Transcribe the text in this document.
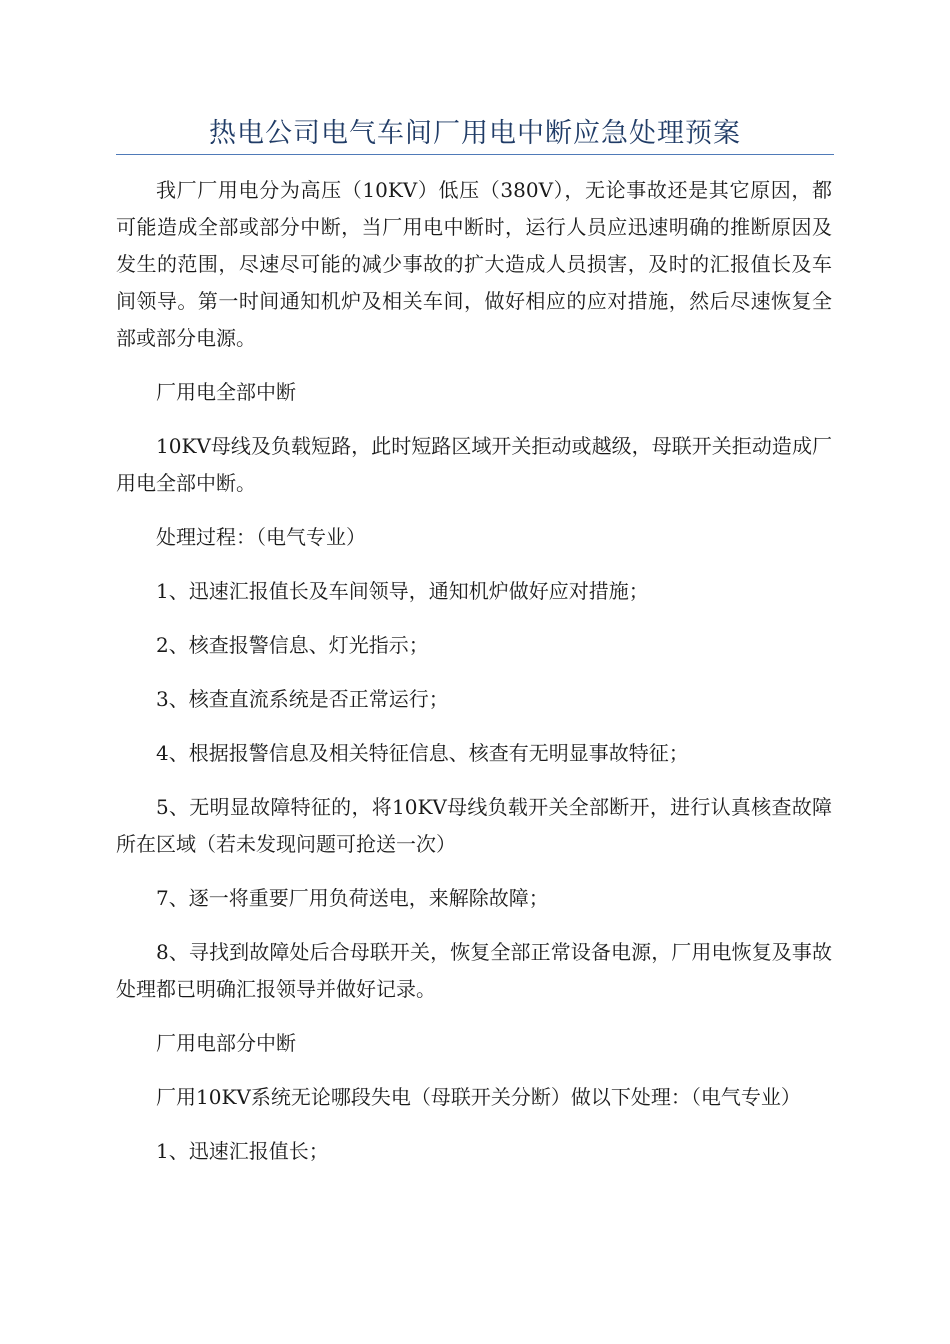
热电公司电气车间厂用电中断应急处理预案

我厂厂用电分为高压（10KV）低压（380V），无论事故还是其它原因，都可能造成全部或部分中断，当厂用电中断时，运行人员应迅速明确的推断原因及发生的范围，尽速尽可能的减少事故的扩大造成人员损害，及时的汇报值长及车间领导。第一时间通知机炉及相关车间，做好相应的应对措施，然后尽速恢复全部或部分电源。

厂用电全部中断

10KV母线及负载短路，此时短路区域开关拒动或越级，母联开关拒动造成厂用电全部中断。

处理过程：（电气专业）

1、迅速汇报值长及车间领导，通知机炉做好应对措施；

2、核查报警信息、灯光指示；

3、核查直流系统是否正常运行；

4、根据报警信息及相关特征信息、核查有无明显事故特征；

5、无明显故障特征的，将10KV母线负载开关全部断开，进行认真核查故障所在区域（若未发现问题可抢送一次）

7、逐一将重要厂用负荷送电，来解除故障；

8、寻找到故障处后合母联开关，恢复全部正常设备电源，厂用电恢复及事故处理都已明确汇报领导并做好记录。

厂用电部分中断

厂用10KV系统无论哪段失电（母联开关分断）做以下处理：（电气专业）

1、迅速汇报值长；
